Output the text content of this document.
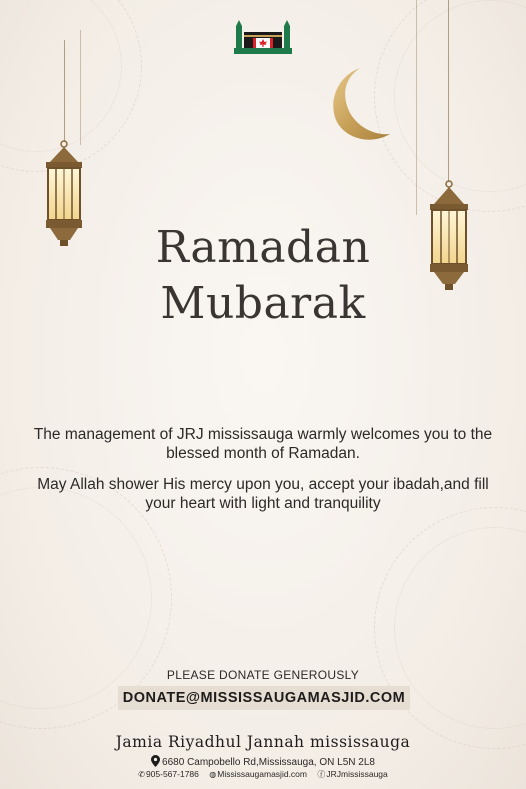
Ramadan
Mubarak
The management of JRJ mississauga warmly welcomes you to the blessed month of Ramadan.
May Allah shower His mercy upon you, accept your ibadah,and fill your heart with light and tranquility
PLEASE DONATE GENEROUSLY
DONATE@MISSISSAUGAMASJID.COM
Jamia Riyadhul Jannah mississauga
6680 Campobello Rd,Mississauga, ON L5N 2L8
✆905-567-1786 ◍Mississaugamasjid.com ⓕJRJmississauga
